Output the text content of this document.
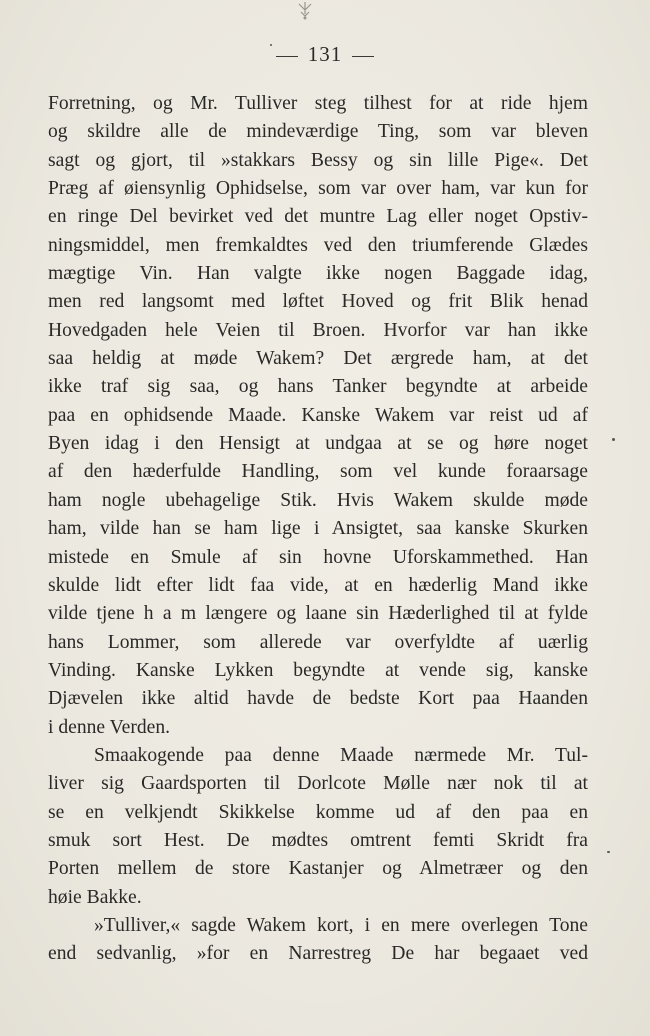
131
Forretning, og Mr. Tulliver steg tilhest for at ride hjem
og skildre alle de mindeværdige Ting, som var bleven
sagt og gjort, til »stakkars Bessy og sin lille Pige«. Det
Præg af øiensynlig Ophidselse, som var over ham, var kun for
en ringe Del bevirket ved det muntre Lag eller noget Opstiv-
ningsmiddel, men fremkaldtes ved den triumferende Glædes
mægtige Vin. Han valgte ikke nogen Baggade idag,
men red langsomt med løftet Hoved og frit Blik henad
Hovedgaden hele Veien til Broen. Hvorfor var han ikke
saa heldig at møde Wakem? Det ærgrede ham, at det
ikke traf sig saa, og hans Tanker begyndte at arbeide
paa en ophidsende Maade. Kanske Wakem var reist ud af
Byen idag i den Hensigt at undgaa at se og høre noget
af den hæderfulde Handling, som vel kunde foraarsage
ham nogle ubehagelige Stik. Hvis Wakem skulde møde
ham, vilde han se ham lige i Ansigtet, saa kanske Skurken
mistede en Smule af sin hovne Uforskammethed. Han
skulde lidt efter lidt faa vide, at en hæderlig Mand ikke
vilde tjene h a m længere og laane sin Hæderlighed til at fylde
hans Lommer, som allerede var overfyldte af uærlig
Vinding. Kanske Lykken begyndte at vende sig, kanske
Djævelen ikke altid havde de bedste Kort paa Haanden
i denne Verden.
Smaakogende paa denne Maade nærmede Mr. Tul-
liver sig Gaardsporten til Dorlcote Mølle nær nok til at
se en velkjendt Skikkelse komme ud af den paa en
smuk sort Hest. De mødtes omtrent femti Skridt fra
Porten mellem de store Kastanjer og Almetræer og den
høie Bakke.
»Tulliver,« sagde Wakem kort, i en mere overlegen Tone
end sedvanlig, »for en Narrestreg De har begaaet ved
